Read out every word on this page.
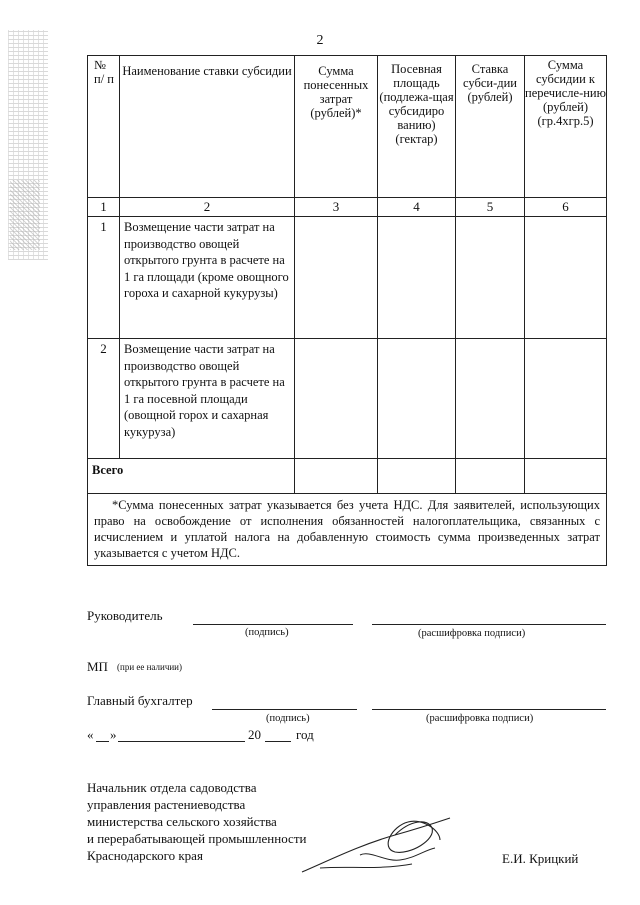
2
№ п/ п	Наименование ставки субсидии	Сумма понесенных затрат (рублей)*	Посевная площадь (подлежа-щая субсидиро ванию) (гектар)	Ставка субси-дии (рублей)	Сумма субсидии к перечисле-нию (рублей) (гр.4хгр.5)
1	2	3	4	5	6
1	Возмещение части затрат на производство овощей открытого грунта в расчете на 1 га площади (кроме овощного гороха и сахарной кукурузы)				
2	Возмещение части затрат на производство овощей открытого грунта в расчете на 1 га посевной площади (овощной горох и сахарная кукуруза)				
Всего					
*Сумма понесенных затрат указывается без учета НДС. Для заявителей, использующих право на освобождение от исполнения обязанностей налогоплательщика, связанных с исчислением и уплатой налога на добавленную стоимость сумма произведенных затрат указывается с учетом НДС.					
Руководитель
(подпись)	(расшифровка подписи)
МП (при ее наличии)
Главный бухгалтер
(подпись)	(расшифровка подписи)
« »	20	год
Начальник отдела садоводства
управления растениеводства
министерства сельского хозяйства
и перерабатывающей промышленности
Краснодарского края	Е.И. Крицкий
